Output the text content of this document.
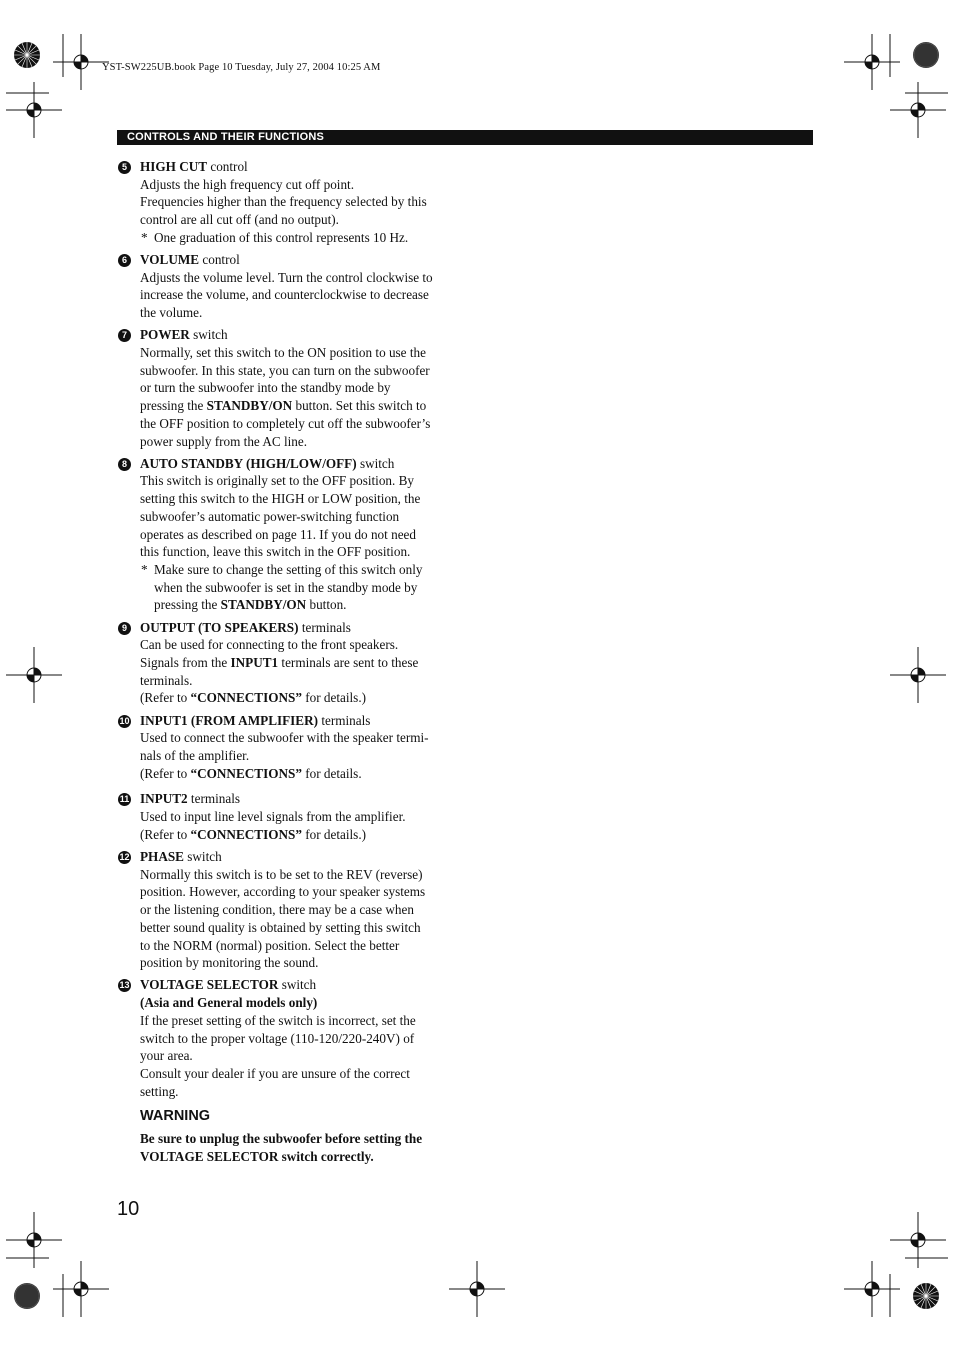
YST-SW225UB.book Page 10 Tuesday, July 27, 2004 10:25 AM
CONTROLS AND THEIR FUNCTIONS
5 HIGH CUT control
Adjusts the high frequency cut off point.
Frequencies higher than the frequency selected by this
control are all cut off (and no output).
* One graduation of this control represents 10 Hz.
6 VOLUME control
Adjusts the volume level. Turn the control clockwise to
increase the volume, and counterclockwise to decrease
the volume.
7 POWER switch
Normally, set this switch to the ON position to use the
subwoofer. In this state, you can turn on the subwoofer
or turn the subwoofer into the standby mode by
pressing the STANDBY/ON button. Set this switch to
the OFF position to completely cut off the subwoofer’s
power supply from the AC line.
8 AUTO STANDBY (HIGH/LOW/OFF) switch
This switch is originally set to the OFF position. By
setting this switch to the HIGH or LOW position, the
subwoofer’s automatic power-switching function
operates as described on page 11. If you do not need
this function, leave this switch in the OFF position.
* Make sure to change the setting of this switch only
when the subwoofer is set in the standby mode by
pressing the STANDBY/ON button.
9 OUTPUT (TO SPEAKERS) terminals
Can be used for connecting to the front speakers.
Signals from the INPUT1 terminals are sent to these
terminals.
(Refer to “CONNECTIONS” for details.)
10 INPUT1 (FROM AMPLIFIER) terminals
Used to connect the subwoofer with the speaker termi-
nals of the amplifier.
(Refer to “CONNECTIONS” for details.
11 INPUT2 terminals
Used to input line level signals from the amplifier.
(Refer to “CONNECTIONS” for details.)
12 PHASE switch
Normally this switch is to be set to the REV (reverse)
position. However, according to your speaker systems
or the listening condition, there may be a case when
better sound quality is obtained by setting this switch
to the NORM (normal) position. Select the better
position by monitoring the sound.
13 VOLTAGE SELECTOR switch
(Asia and General models only)
If the preset setting of the switch is incorrect, set the
switch to the proper voltage (110-120/220-240V) of
your area.
Consult your dealer if you are unsure of the correct
setting.
WARNING
Be sure to unplug the subwoofer before setting the
VOLTAGE SELECTOR switch correctly.
10
